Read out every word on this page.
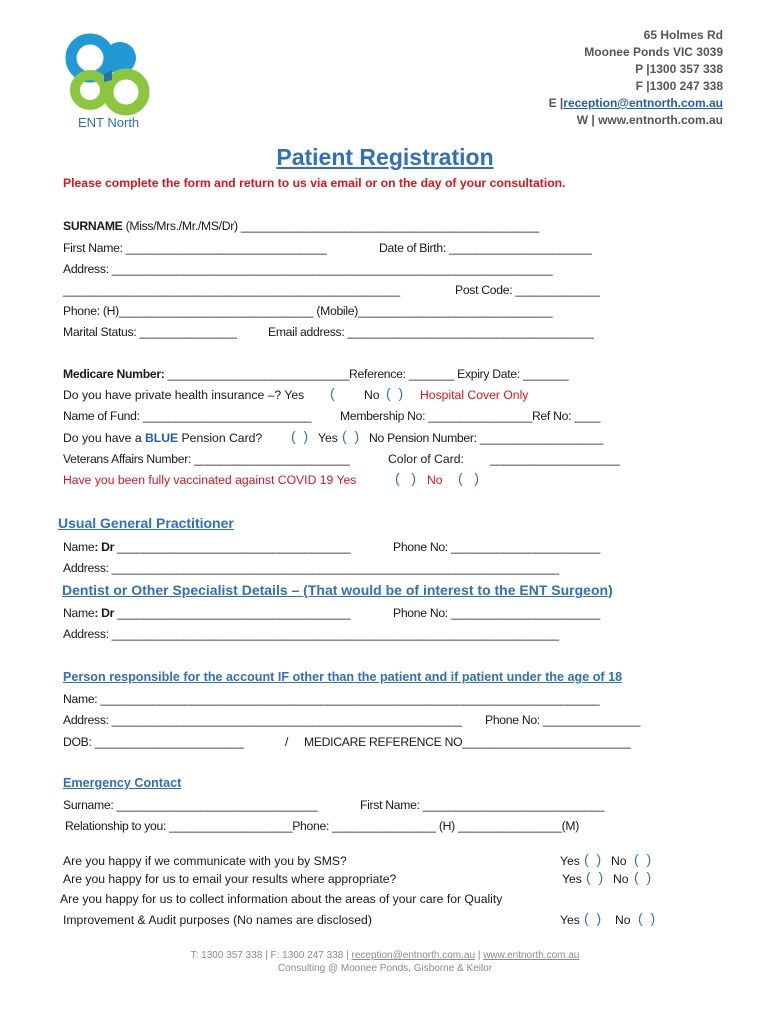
ENT North
65 Holmes Rd
Moonee Ponds VIC 3039
P |1300 357 338
F |1300 247 338
E |reception@entnorth.com.au
W | www.entnorth.com.au
Patient Registration
Please complete the form and return to us via email or on the day of your consultation.
SURNAME (Miss/Mrs./Mr./MS/Dr) ______________________________________________
First Name: _______________________________	Date of Birth: ______________________
Address: ____________________________________________________________________
____________________________________________________	Post Code: _____________
Phone: (H)______________________________ (Mobile)______________________________
Marital Status: _______________	Email address: ______________________________________
Medicare Number: ____________________________Reference: _______ Expiry Date: _______
Do you have private health insurance –? Yes ( No (  ) Hospital Cover Only
Name of Fund: __________________________ Membership No: ________________Ref No: ____
Do you have a BLUE Pension Card? (  ) Yes (  ) No Pension Number: ___________________
Veterans Affairs Number: ________________________	Color of Card: ____________________
Have you been fully vaccinated against COVID 19 Yes	(   ) No (   )
Usual General Practitioner
Name: Dr ____________________________________	Phone No: _______________________
Address: _____________________________________________________________________
Dentist or Other Specialist Details – (That would be of interest to the ENT Surgeon)
Name: Dr ____________________________________	Phone No: _______________________
Address: _____________________________________________________________________
Person responsible for the account IF other than the patient and if patient under the age of 18
Name: _____________________________________________________________________________
Address: ______________________________________________________ Phone No: _______________
DOB: _______________________	/ MEDICARE REFERENCE NO__________________________
Emergency Contact
Surname: _______________________________	First Name: ____________________________
Relationship to you: ___________________Phone: ________________ (H) ________________(M)
Are you happy if we communicate with you by SMS?	Yes (  ) No (  )
Are you happy for us to email your results where appropriate?	Yes (  ) No (  )
Are you happy for us to collect information about the areas of your care for Quality
Improvement & Audit purposes (No names are disclosed)	Yes (  ) No (  )
T: 1300 357 338 | F: 1300 247 338 | reception@entnorth.com.au | www.entnorth.com.au
Consulting @ Moonee Ponds, Gisborne & Keilor
